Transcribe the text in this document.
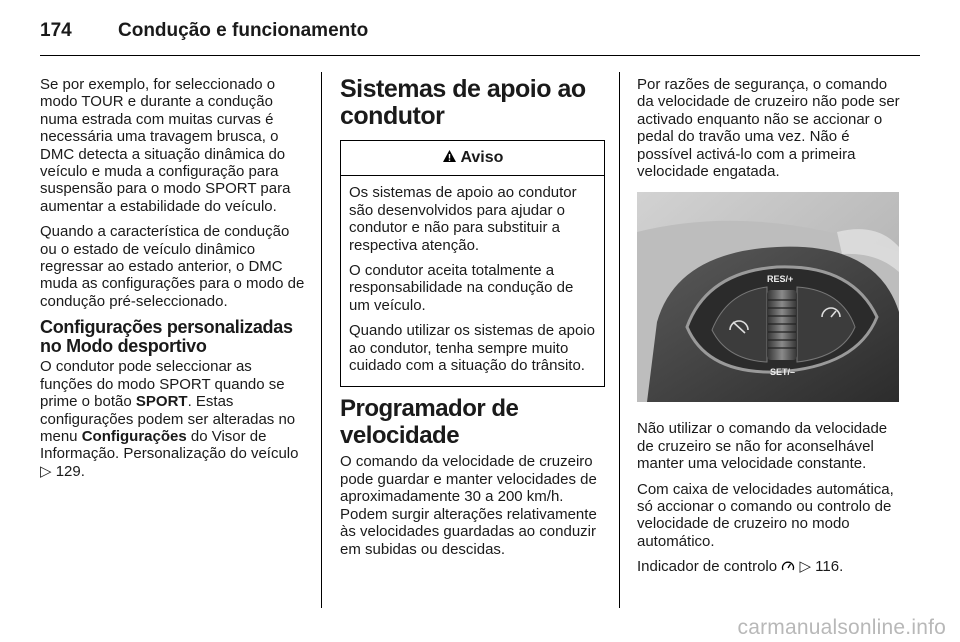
174 Condução e funcionamento

Se por exemplo, for seleccionado o modo TOUR e durante a condução numa estrada com muitas curvas é necessária uma travagem brusca, o DMC detecta a situação dinâmica do veículo e muda a configuração para suspensão para o modo SPORT para aumentar a estabilidade do veículo.

Quando a característica de condução ou o estado de veículo dinâmico regressar ao estado anterior, o DMC muda as configurações para o modo de condução pré-seleccionado.

Configurações personalizadas no Modo desportivo

O condutor pode seleccionar as funções do modo SPORT quando se prime o botão SPORT. Estas configurações podem ser alteradas no menu Configurações do Visor de Informação. Personalização do veículo ▷ 129.

Sistemas de apoio ao condutor
Aviso

Os sistemas de apoio ao condutor são desenvolvidos para ajudar o condutor e não para substituir a respectiva atenção.

O condutor aceita totalmente a responsabilidade na condução de um veículo.

Quando utilizar os sistemas de apoio ao condutor, tenha sempre muito cuidado com a situação do trânsito.

Programador de velocidade

O comando da velocidade de cruzeiro pode guardar e manter velocidades de aproximadamente 30 a 200 km/h. Podem surgir alterações relativamente às velocidades guardadas ao conduzir em subidas ou descidas.

Por razões de segurança, o comando da velocidade de cruzeiro não pode ser activado enquanto não se accionar o pedal do travão uma vez. Não é possível activá-lo com a primeira velocidade engatada.

RES/+
SET/–

Não utilizar o comando da velocidade de cruzeiro se não for aconselhável manter uma velocidade constante.

Com caixa de velocidades automática, só accionar o comando ou controlo de velocidade de cruzeiro no modo automático.

Indicador de controlo  ▷ 116.

carmanualsonline.info
